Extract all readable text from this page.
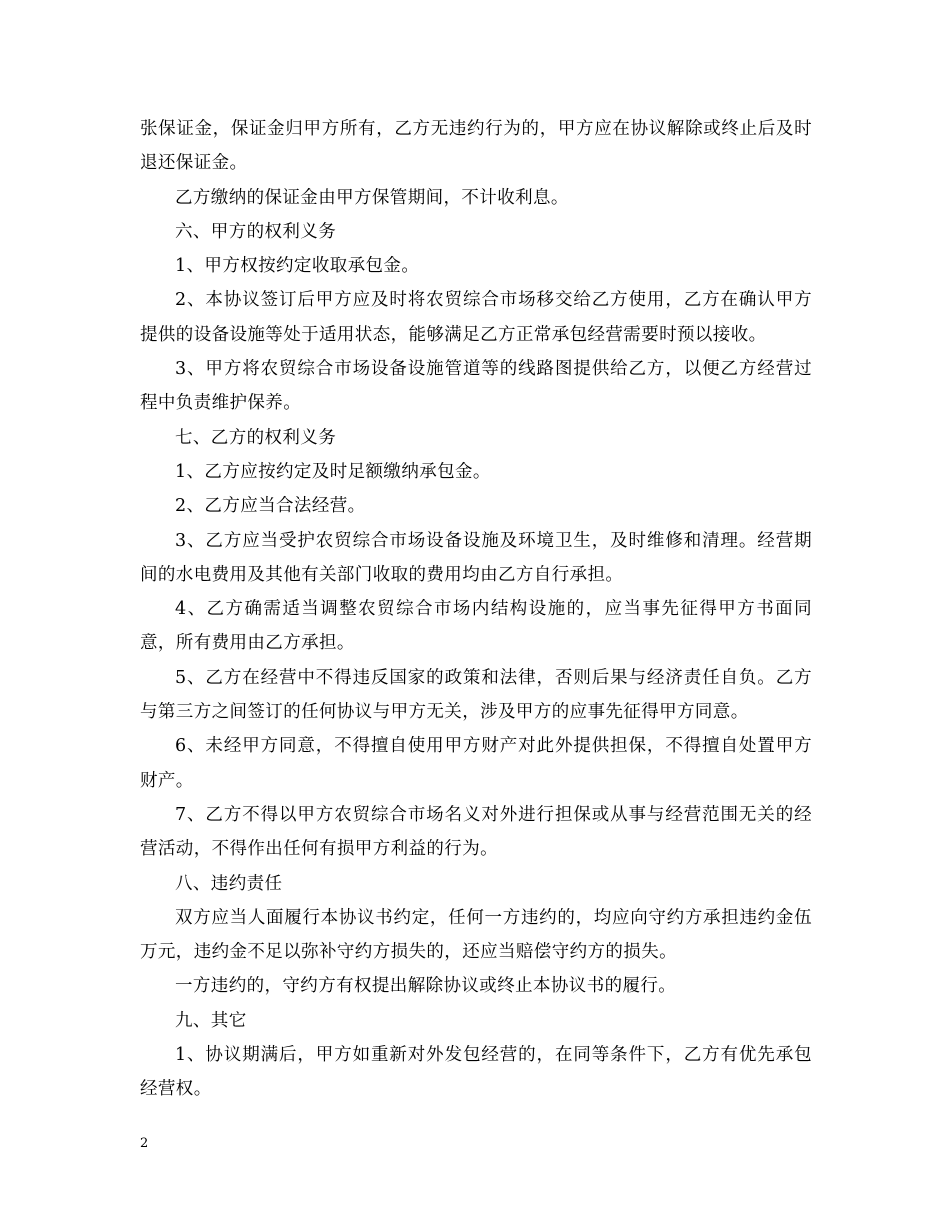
张保证金，保证金归甲方所有，乙方无违约行为的，甲方应在协议解除或终止后及时退还保证金。

乙方缴纳的保证金由甲方保管期间，不计收利息。

六、甲方的权利义务

1、甲方权按约定收取承包金。

2、本协议签订后甲方应及时将农贸综合市场移交给乙方使用，乙方在确认甲方提供的设备设施等处于适用状态，能够满足乙方正常承包经营需要时预以接收。

3、甲方将农贸综合市场设备设施管道等的线路图提供给乙方，以便乙方经营过程中负责维护保养。

七、乙方的权利义务

1、乙方应按约定及时足额缴纳承包金。

2、乙方应当合法经营。

3、乙方应当受护农贸综合市场设备设施及环境卫生，及时维修和清理。经营期间的水电费用及其他有关部门收取的费用均由乙方自行承担。

4、乙方确需适当调整农贸综合市场内结构设施的，应当事先征得甲方书面同意，所有费用由乙方承担。

5、乙方在经营中不得违反国家的政策和法律，否则后果与经济责任自负。乙方与第三方之间签订的任何协议与甲方无关，涉及甲方的应事先征得甲方同意。

6、未经甲方同意，不得擅自使用甲方财产对此外提供担保，不得擅自处置甲方财产。

7、乙方不得以甲方农贸综合市场名义对外进行担保或从事与经营范围无关的经营活动，不得作出任何有损甲方利益的行为。

八、违约责任

双方应当人面履行本协议书约定，任何一方违约的，均应向守约方承担违约金伍万元，违约金不足以弥补守约方损失的，还应当赔偿守约方的损失。

一方违约的，守约方有权提出解除协议或终止本协议书的履行。

九、其它

1、协议期满后，甲方如重新对外发包经营的，在同等条件下，乙方有优先承包经营权。

2
